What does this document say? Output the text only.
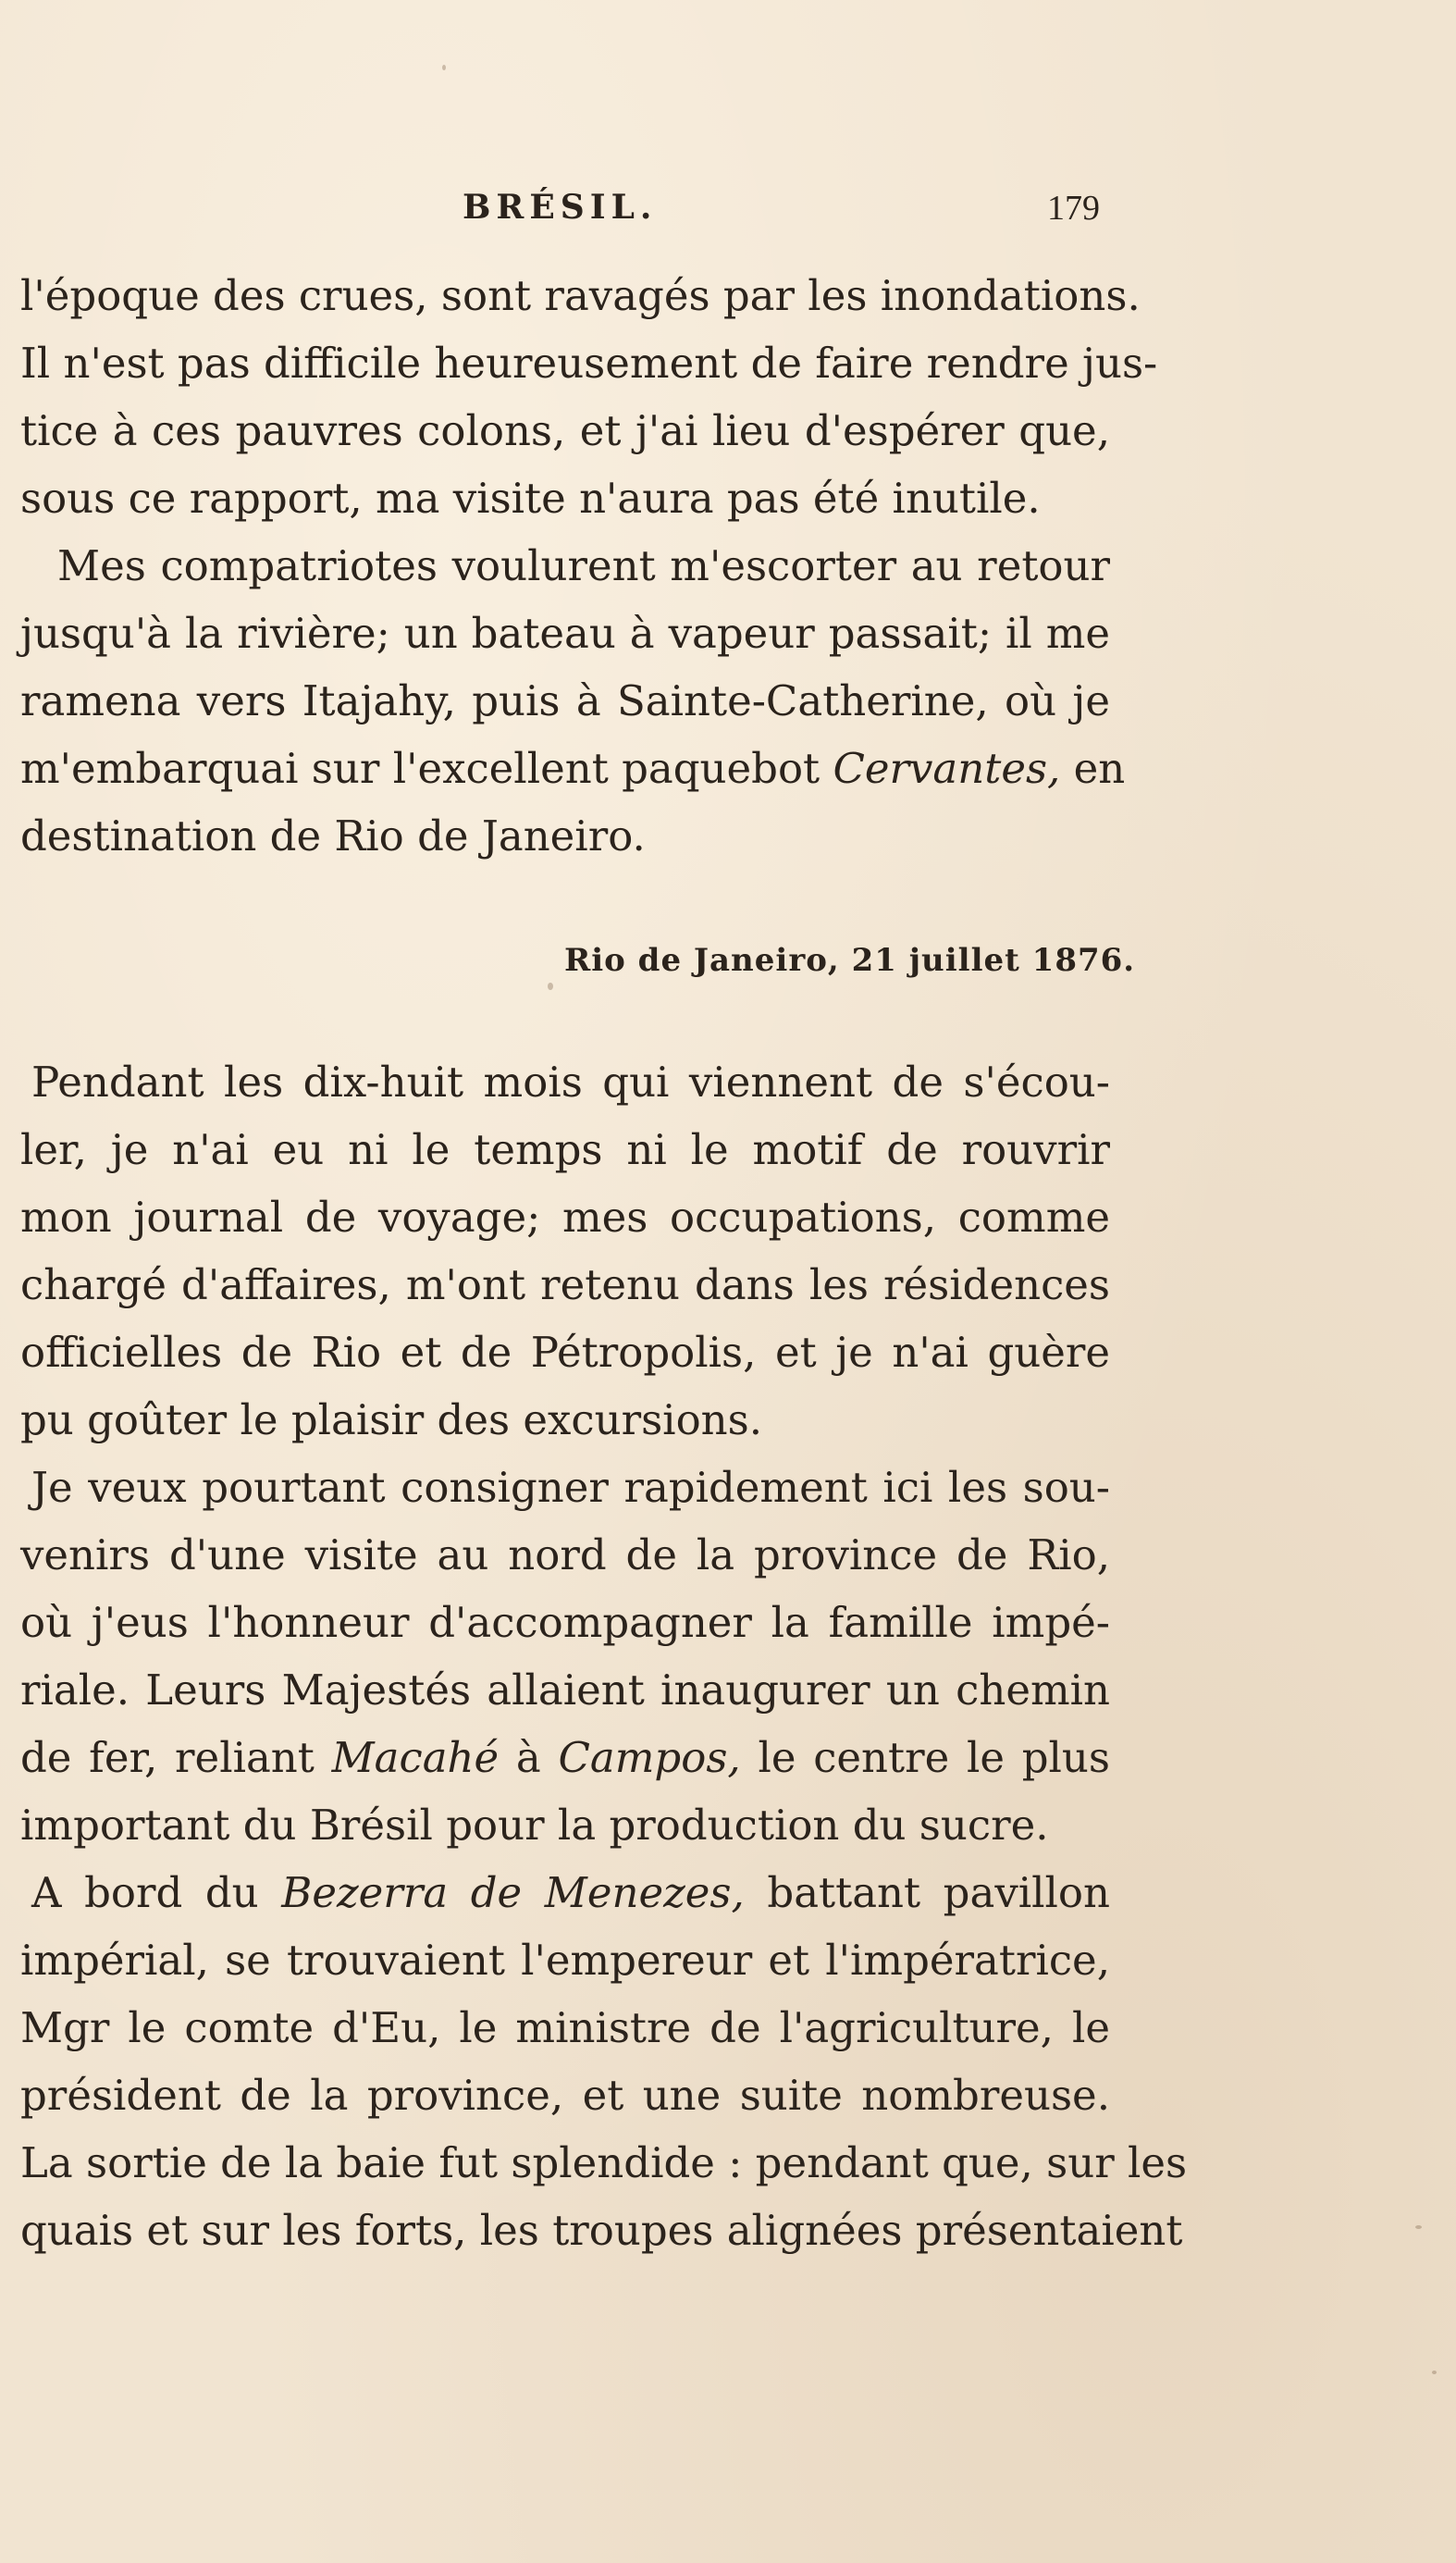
BRÉSIL.	179
l'époque des crues, sont ravagés par les inondations.
Il n'est pas difficile heureusement de faire rendre jus-
tice à ces pauvres colons, et j'ai lieu d'espérer que,
sous ce rapport, ma visite n'aura pas été inutile.
Mes compatriotes voulurent m'escorter au retour
jusqu'à la rivière; un bateau à vapeur passait; il me
ramena vers Itajahy, puis à Sainte-Catherine, où je
m'embarquai sur l'excellent paquebot Cervantes, en
destination de Rio de Janeiro.
Rio de Janeiro, 21 juillet 1876.
Pendant les dix-huit mois qui viennent de s'écou-
ler, je n'ai eu ni le temps ni le motif de rouvrir
mon journal de voyage; mes occupations, comme
chargé d'affaires, m'ont retenu dans les résidences
officielles de Rio et de Pétropolis, et je n'ai guère
pu goûter le plaisir des excursions.
Je veux pourtant consigner rapidement ici les sou-
venirs d'une visite au nord de la province de Rio,
où j'eus l'honneur d'accompagner la famille impé-
riale. Leurs Majestés allaient inaugurer un chemin
de fer, reliant Macahé à Campos, le centre le plus
important du Brésil pour la production du sucre.
A bord du Bezerra de Menezes, battant pavillon
impérial, se trouvaient l'empereur et l'impératrice,
Mgr le comte d'Eu, le ministre de l'agriculture, le
président de la province, et une suite nombreuse.
La sortie de la baie fut splendide : pendant que, sur les
quais et sur les forts, les troupes alignées présentaient
